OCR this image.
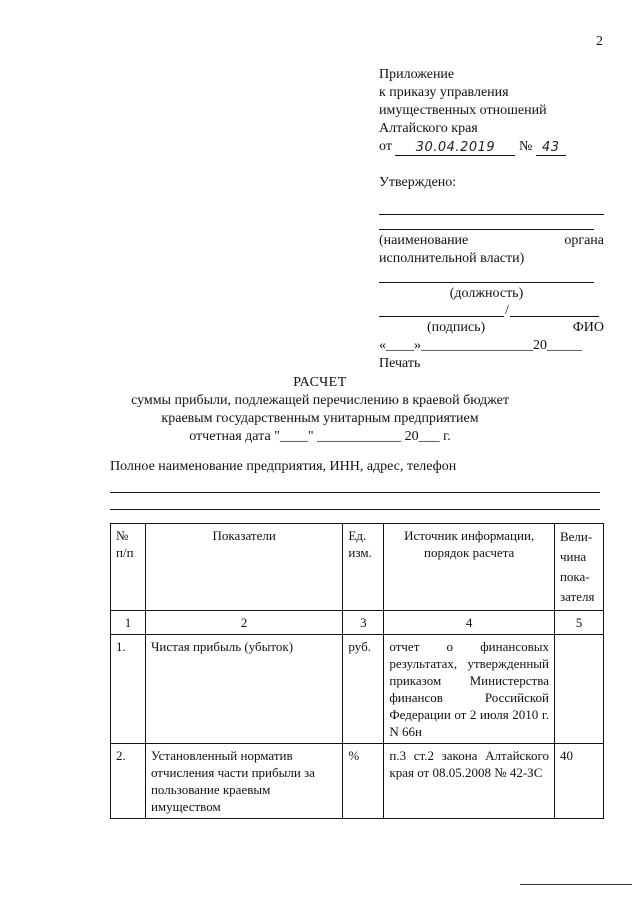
2
Приложение
к приказу управления
имущественных отношений
Алтайского края
от 30.04.2019 № 43
Утверждено:
(наименование	органа
исполнительной власти)
(должность)
/
(подпись)	ФИО
«____»________________20_____
Печать
РАСЧЕТ
суммы прибыли, подлежащей перечислению в краевой бюджет
краевым государственным унитарным предприятием
отчетная дата "____" ____________ 20___ г.
Полное наименование предприятия, ИНН, адрес, телефон
№ п/п	Показатели	Ед. изм.	Источник информации, порядок расчета	Вели- чина пока- зателя
1	2	3	4	5
1.	Чистая прибыль (убыток)	руб.	отчет о финансовых результатах, утвержденный приказом Министерства финансов Российской Федерации от 2 июля 2010 г. N 66н	
2.	Установленный норматив отчисления части прибыли за пользование краевым имуществом	%	п.3 ст.2 закона Алтайского края от 08.05.2008 № 42-ЗС	40
